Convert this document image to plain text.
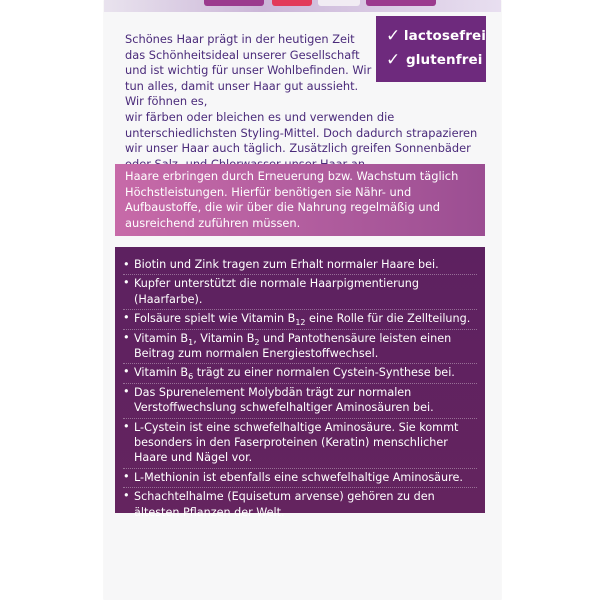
✓ lactosefrei
✓ glutenfrei

Schönes Haar prägt in der heutigen Zeit das Schönheitsideal unserer Gesellschaft und ist wichtig für unser Wohlbefinden. Wir tun alles, damit unser Haar gut aussieht. Wir föhnen es,

wir färben oder bleichen es und verwenden die unterschiedlichsten Styling-Mittel. Doch dadurch strapazieren wir unser Haar auch täglich. Zusätzlich greifen Sonnenbäder

Haare erbringen durch Erneuerung bzw. Wachstum täglich Höchstleistungen. Hierfür benötigen sie Nähr- und Aufbaustoffe, die wir über die Nahrung regelmäßig und ausreichend zuführen müssen.
• Biotin und Zink tragen zum Erhalt normaler Haare bei.
• Kupfer unterstützt die normale Haarpigmentierung (Haarfarbe).
• Folsäure spielt wie Vitamin $B_{12}$ eine Rolle für die Zellteilung.
• Vitamin $B_1$, Vitamin $B_2$ und Pantothensäure leisten einen Beitrag zum normalen Energiestoffwechsel.
• Vitamin $B_6$ trägt zu einer normalen Cystein-Synthese bei.
• Das Spurenelement Molybdän trägt zur normalen Verstoffwechslung schwefelhaltiger Aminosäuren bei.
• L-Cystein ist eine schwefelhaltige Aminosäure. Sie kommt besonders in den Faserproteinen (Keratin) menschlicher Haare und Nägel vor.
• L-Methionin ist ebenfalls eine schwefelhaltige Aminosäure.
• Schachtelhalme (Equisetum arvense) gehören zu den ältesten Pflanzen der Welt.
